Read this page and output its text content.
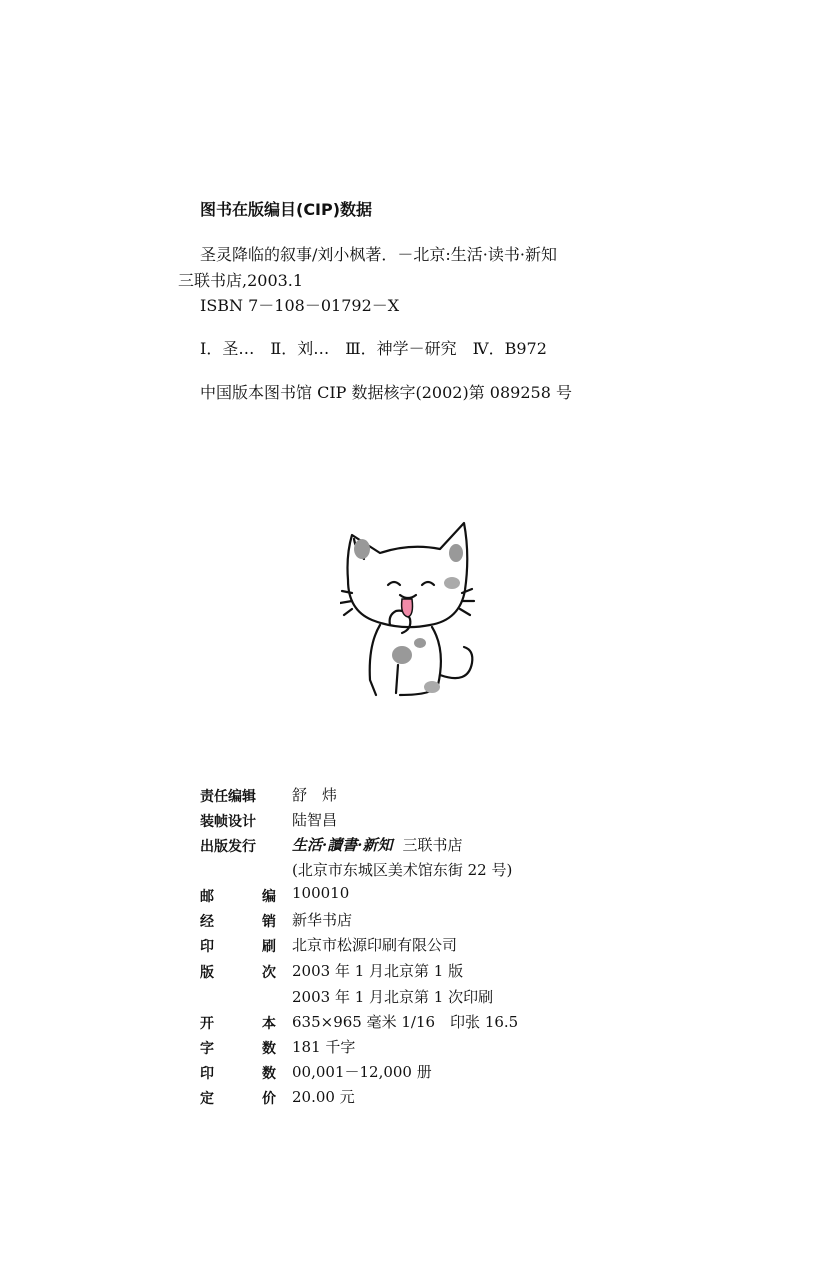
图书在版编目(CIP)数据
圣灵降临的叙事/刘小枫著．－北京:生活·读书·新知
三联书店,2003.1
ISBN 7－108－01792－X
Ⅰ．圣…　Ⅱ．刘…　Ⅲ．神学－研究　Ⅳ．B972
中国版本图书馆 CIP 数据核字(2002)第 089258 号
责任编辑 舒　炜
装帧设计 陆智昌
出版发行 生活·讀書·新知 三联书店
(北京市东城区美术馆东街 22 号)
邮	编 100010
经	销 新华书店
印	刷 北京市松源印刷有限公司
版	次 2003 年 1 月北京第 1 版
2003 年 1 月北京第 1 次印刷
开	本 635×965 毫米 1/16　印张 16.5
字	数 181 千字
印	数 00,001－12,000 册
定	价 20.00 元
